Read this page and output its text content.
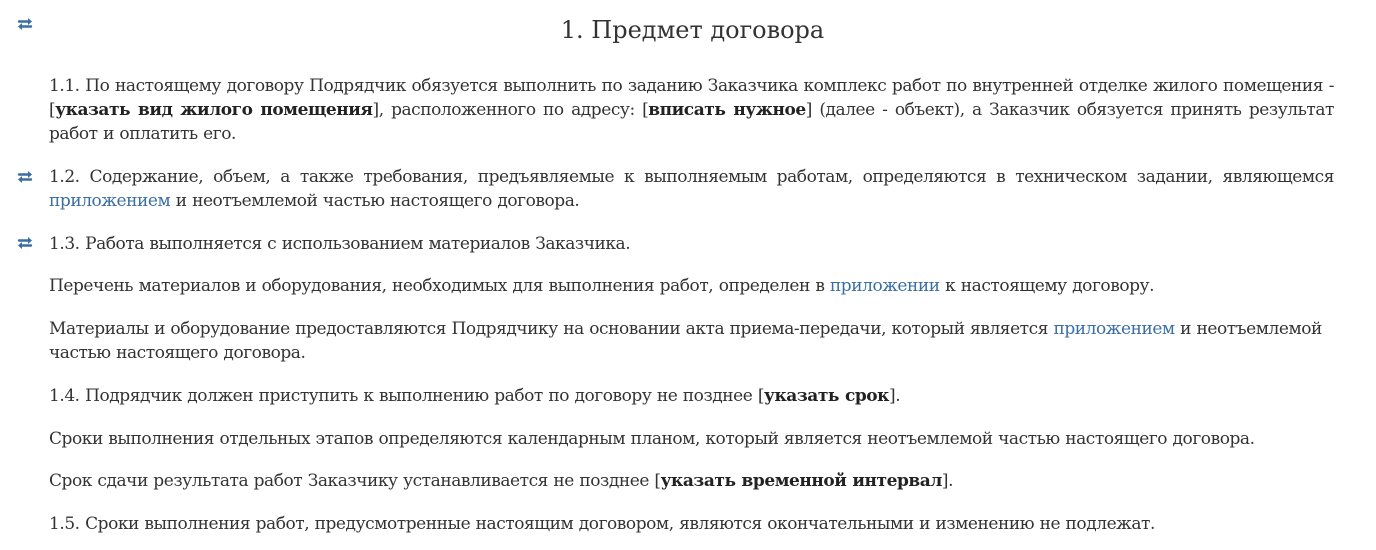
1. Предмет договора

1.1. По настоящему договору Подрядчик обязуется выполнить по заданию Заказчика комплекс работ по внутренней отделке жилого помещения - [указать вид жилого помещения], расположенного по адресу: [вписать нужное] (далее - объект), а Заказчик обязуется принять результат работ и оплатить его.

1.2. Содержание, объем, а также требования, предъявляемые к выполняемым работам, определяются в техническом задании, являющемся приложением и неотъемлемой частью настоящего договора.

1.3. Работа выполняется с использованием материалов Заказчика.

Перечень материалов и оборудования, необходимых для выполнения работ, определен в приложении к настоящему договору.

Материалы и оборудование предоставляются Подрядчику на основании акта приема-передачи, который является приложением и неотъемлемой частью настоящего договора.

1.4. Подрядчик должен приступить к выполнению работ по договору не позднее [указать срок].

Сроки выполнения отдельных этапов определяются календарным планом, который является неотъемлемой частью настоящего договора.

Срок сдачи результата работ Заказчику устанавливается не позднее [указать временной интервал].

1.5. Сроки выполнения работ, предусмотренные настоящим договором, являются окончательными и изменению не подлежат.
